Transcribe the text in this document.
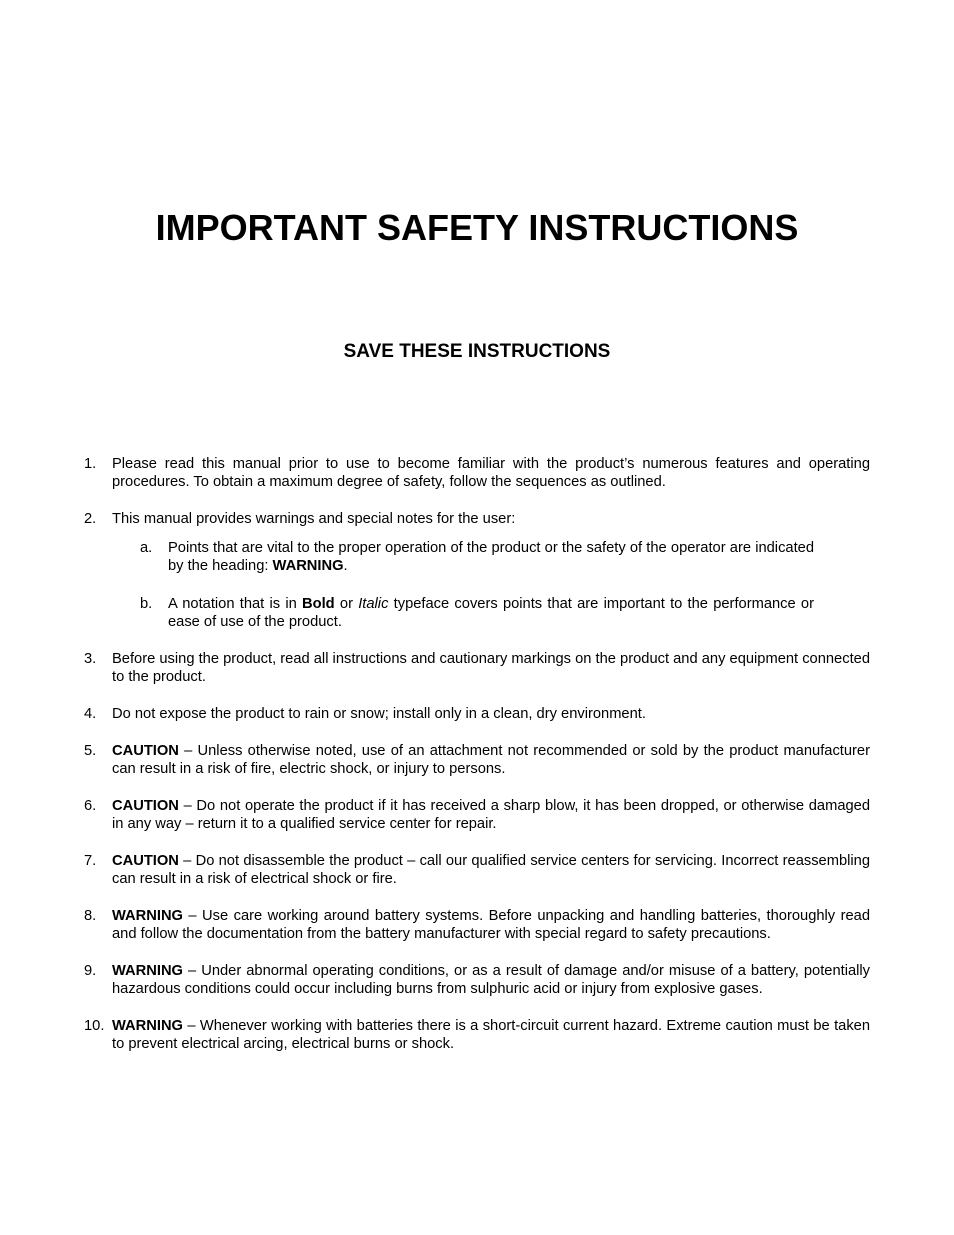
IMPORTANT SAFETY INSTRUCTIONS
SAVE THESE INSTRUCTIONS
1. Please read this manual prior to use to become familiar with the product’s numerous features and operating procedures. To obtain a maximum degree of safety, follow the sequences as outlined.
2. This manual provides warnings and special notes for the user:
a. Points that are vital to the proper operation of the product or the safety of the operator are indicated by the heading: WARNING.
b. A notation that is in Bold or Italic typeface covers points that are important to the performance or ease of use of the product.
3. Before using the product, read all instructions and cautionary markings on the product and any equipment connected to the product.
4. Do not expose the product to rain or snow; install only in a clean, dry environment.
5. CAUTION – Unless otherwise noted, use of an attachment not recommended or sold by the product manufacturer can result in a risk of fire, electric shock, or injury to persons.
6. CAUTION – Do not operate the product if it has received a sharp blow, it has been dropped, or otherwise damaged in any way – return it to a qualified service center for repair.
7. CAUTION – Do not disassemble the product – call our qualified service centers for servicing. Incorrect reassembling can result in a risk of electrical shock or fire.
8. WARNING – Use care working around battery systems. Before unpacking and handling batteries, thoroughly read and follow the documentation from the battery manufacturer with special regard to safety precautions.
9. WARNING – Under abnormal operating conditions, or as a result of damage and/or misuse of a battery, potentially hazardous conditions could occur including burns from sulphuric acid or injury from explosive gases.
10. WARNING – Whenever working with batteries there is a short-circuit current hazard. Extreme caution must be taken to prevent electrical arcing, electrical burns or shock.
